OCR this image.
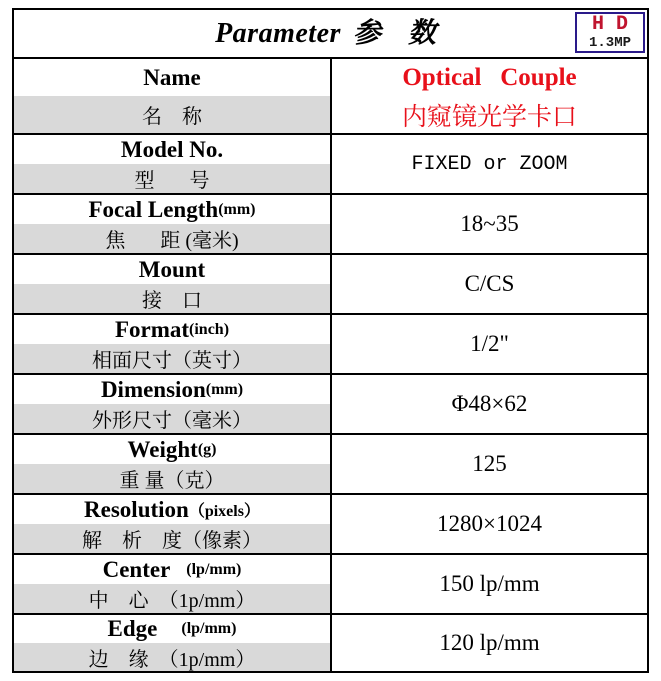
Parameter 参 数	HD
1.3MP
Name
名    称
Optical   Couple
内窥镜光学卡口
Model No.
型       号
FIXED or ZOOM
Focal Length (mm)
焦       距 (毫米)
18~35
Mount
接    口
C/CS
Format (inch)
相面尺寸（英寸）
1/2"
Dimension (mm)
外形尺寸（毫米）
Φ48×62
Weight (g)
重 量（克）
125
Resolution （pixels）
解    析    度（像素）
1280×1024
Center (lp/mm)
中    心  （1p/mm）
150 lp/mm
Edge (lp/mm)
边    缘  （1p/mm）
120 lp/mm
